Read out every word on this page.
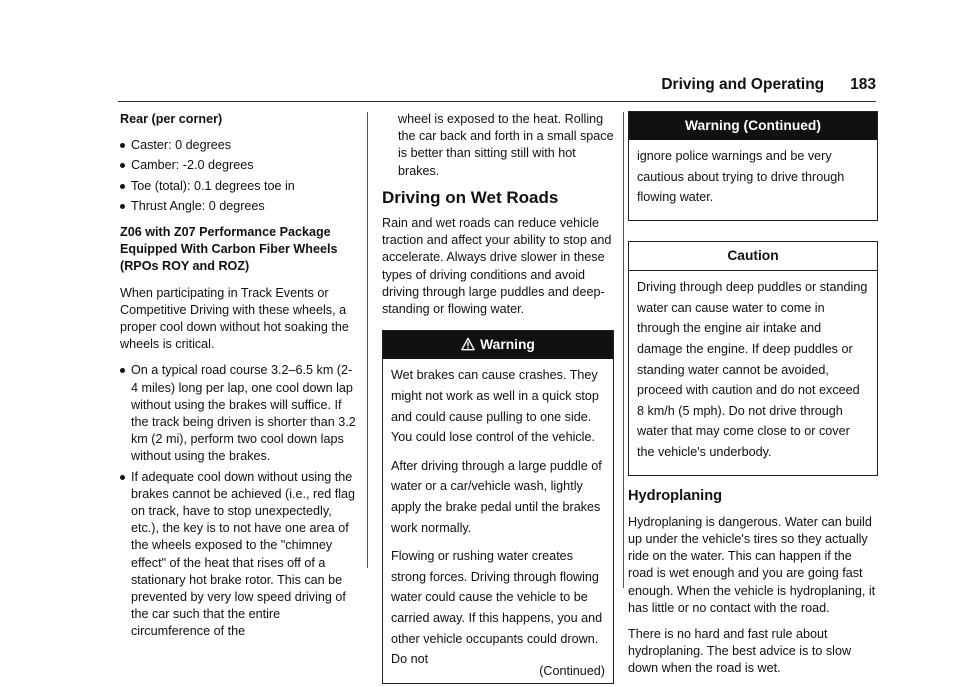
Driving and Operating 183

Rear (per corner)

Caster: 0 degrees
Camber: -2.0 degrees
Toe (total): 0.1 degrees toe in
Thrust Angle: 0 degrees

Z06 with Z07 Performance Package Equipped With Carbon Fiber Wheels (RPOs ROY and ROZ)

When participating in Track Events or Competitive Driving with these wheels, a proper cool down without hot soaking the wheels is critical.

On a typical road course 3.2–6.5 km (2-4 miles) long per lap, one cool down lap without using the brakes will suffice. If the track being driven is shorter than 3.2 km (2 mi), perform two cool down laps without using the brakes.
If adequate cool down without using the brakes cannot be achieved (i.e., red flag on track, have to stop unexpectedly, etc.), the key is to not have one area of the wheels exposed to the "chimney effect" of the heat that rises off of a stationary hot brake rotor. This can be prevented by very low speed driving of the car such that the entire circumference of the

wheel is exposed to the heat. Rolling the car back and forth in a small space is better than sitting still with hot brakes.

Driving on Wet Roads

Rain and wet roads can reduce vehicle traction and affect your ability to stop and accelerate. Always drive slower in these types of driving conditions and avoid driving through large puddles and deep-standing or flowing water.

Warning

Wet brakes can cause crashes. They might not work as well in a quick stop and could cause pulling to one side. You could lose control of the vehicle.

After driving through a large puddle of water or a car/vehicle wash, lightly apply the brake pedal until the brakes work normally.

Flowing or rushing water creates strong forces. Driving through flowing water could cause the vehicle to be carried away. If this happens, you and other vehicle occupants could drown. Do not

(Continued)
Warning (Continued)

ignore police warnings and be very cautious about trying to drive through flowing water.

Caution

Driving through deep puddles or standing water can cause water to come in through the engine air intake and damage the engine. If deep puddles or standing water cannot be avoided, proceed with caution and do not exceed 8 km/h (5 mph). Do not drive through water that may come close to or cover the vehicle's underbody.

Hydroplaning

Hydroplaning is dangerous. Water can build up under the vehicle's tires so they actually ride on the water. This can happen if the road is wet enough and you are going fast enough. When the vehicle is hydroplaning, it has little or no contact with the road.

There is no hard and fast rule about hydroplaning. The best advice is to slow down when the road is wet.
